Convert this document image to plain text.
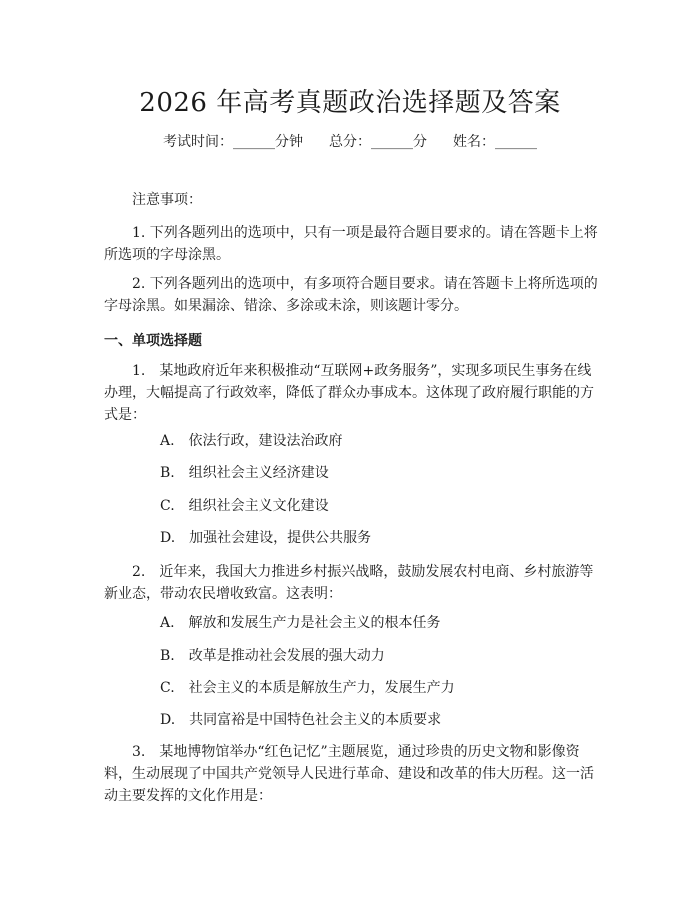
2026 年高考真题政治选择题及答案
考试时间：______分钟 总分：______分 姓名：______
注意事项：
1. 下列各题列出的选项中，只有一项是最符合题目要求的。请在答题卡上将所选项的字母涂黑。
2. 下列各题列出的选项中，有多项符合题目要求。请在答题卡上将所选项的字母涂黑。如果漏涂、错涂、多涂或未涂，则该题计零分。
一、单项选择题
1.　某地政府近年来积极推动“互联网+政务服务”，实现多项民生事务在线办理，大幅提高了行政效率，降低了群众办事成本。这体现了政府履行职能的方式是：
A.　依法行政，建设法治政府
B.　组织社会主义经济建设
C.　组织社会主义文化建设
D.　加强社会建设，提供公共服务
2.　近年来，我国大力推进乡村振兴战略，鼓励发展农村电商、乡村旅游等新业态，带动农民增收致富。这表明：
A.　解放和发展生产力是社会主义的根本任务
B.　改革是推动社会发展的强大动力
C.　社会主义的本质是解放生产力，发展生产力
D.　共同富裕是中国特色社会主义的本质要求
3.　某地博物馆举办“红色记忆”主题展览，通过珍贵的历史文物和影像资料，生动展现了中国共产党领导人民进行革命、建设和改革的伟大历程。这一活动主要发挥的文化作用是：
